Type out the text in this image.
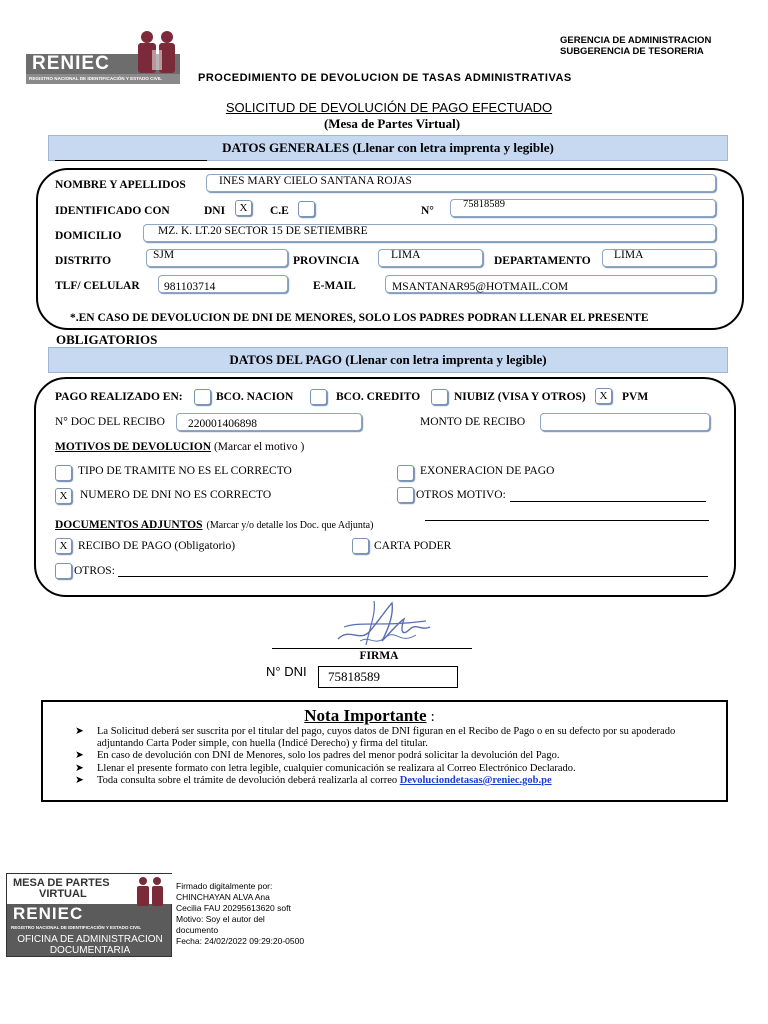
RENIEC
REGISTRO NACIONAL DE IDENTIFICACIÓN Y ESTADO CIVIL
GERENCIA DE ADMINISTRACION
SUBGERENCIA DE TESORERIA
PROCEDIMIENTO DE DEVOLUCION DE TASAS ADMINISTRATIVAS
SOLICITUD DE DEVOLUCIÓN DE PAGO EFECTUADO
(Mesa de Partes Virtual)
DATOS GENERALES (Llenar con letra imprenta y legible)
NOMBRE Y APELLIDOS	INES MARY CIELO SANTANA ROJAS
IDENTIFICADO CON	DNI	X	C.E	N°
75818589
DOMICILIO	MZ. K. LT.20 SECTOR 15 DE SETIEMBRE
DISTRITO	SJM	PROVINCIA	LIMA	DEPARTAMENTO LIMA
TLF/ CELULAR 981103714	E-MAIL	MSANTANAR95@HOTMAIL.COM
*.EN CASO DE DEVOLUCION DE DNI DE MENORES, SOLO LOS PADRES PODRAN LLENAR EL PRESENTE
OBLIGATORIOS
DATOS DEL PAGO (Llenar con letra imprenta y legible)
PAGO REALIZADO EN:	BCO. NACION	BCO. CREDITO	NIUBIZ (VISA Y OTROS)	X	PVM
N° DOC DEL RECIBO 220001406898	MONTO DE RECIBO
MOTIVOS DE DEVOLUCION (Marcar el motivo )
TIPO DE TRAMITE NO ES EL CORRECTO	EXONERACION DE PAGO
X	NUMERO DE DNI NO ES CORRECTO	OTROS MOTIVO:
DOCUMENTOS ADJUNTOS (Marcar y/o detalle los Doc. que Adjunta)
X RECIBO DE PAGO (Obligatorio)	CARTA PODER
OTROS:
FIRMA
N° DNI 75818589
Nota Importante :
➤ La Solicitud deberá ser suscrita por el titular del pago, cuyos datos de DNI figuran en el Recibo de Pago o en su defecto por su apoderado adjuntando Carta Poder simple, con huella (Indicé Derecho) y firma del titular.
➤ En caso de devolución con DNI de Menores, solo los padres del menor podrá solicitar la devolución del Pago.
➤ Llenar el presente formato con letra legible, cualquier comunicación se realizara al Correo Electrónico Declarado.
➤ Toda consulta sobre el trámite de devolución deberá realizarla al correo Devoluciondetasas@reniec.gob.pe
MESA DE PARTES
VIRTUAL
RENIEC
REGISTRO NACIONAL DE IDENTIFICACIÓN Y ESTADO CIVIL
OFICINA DE ADMINISTRACION
DOCUMENTARIA
Firmado digitalmente por:
CHINCHAYAN ALVA Ana
Cecilia FAU 20295613620 soft
Motivo: Soy el autor del
documento
Fecha: 24/02/2022 09:29:20-0500
